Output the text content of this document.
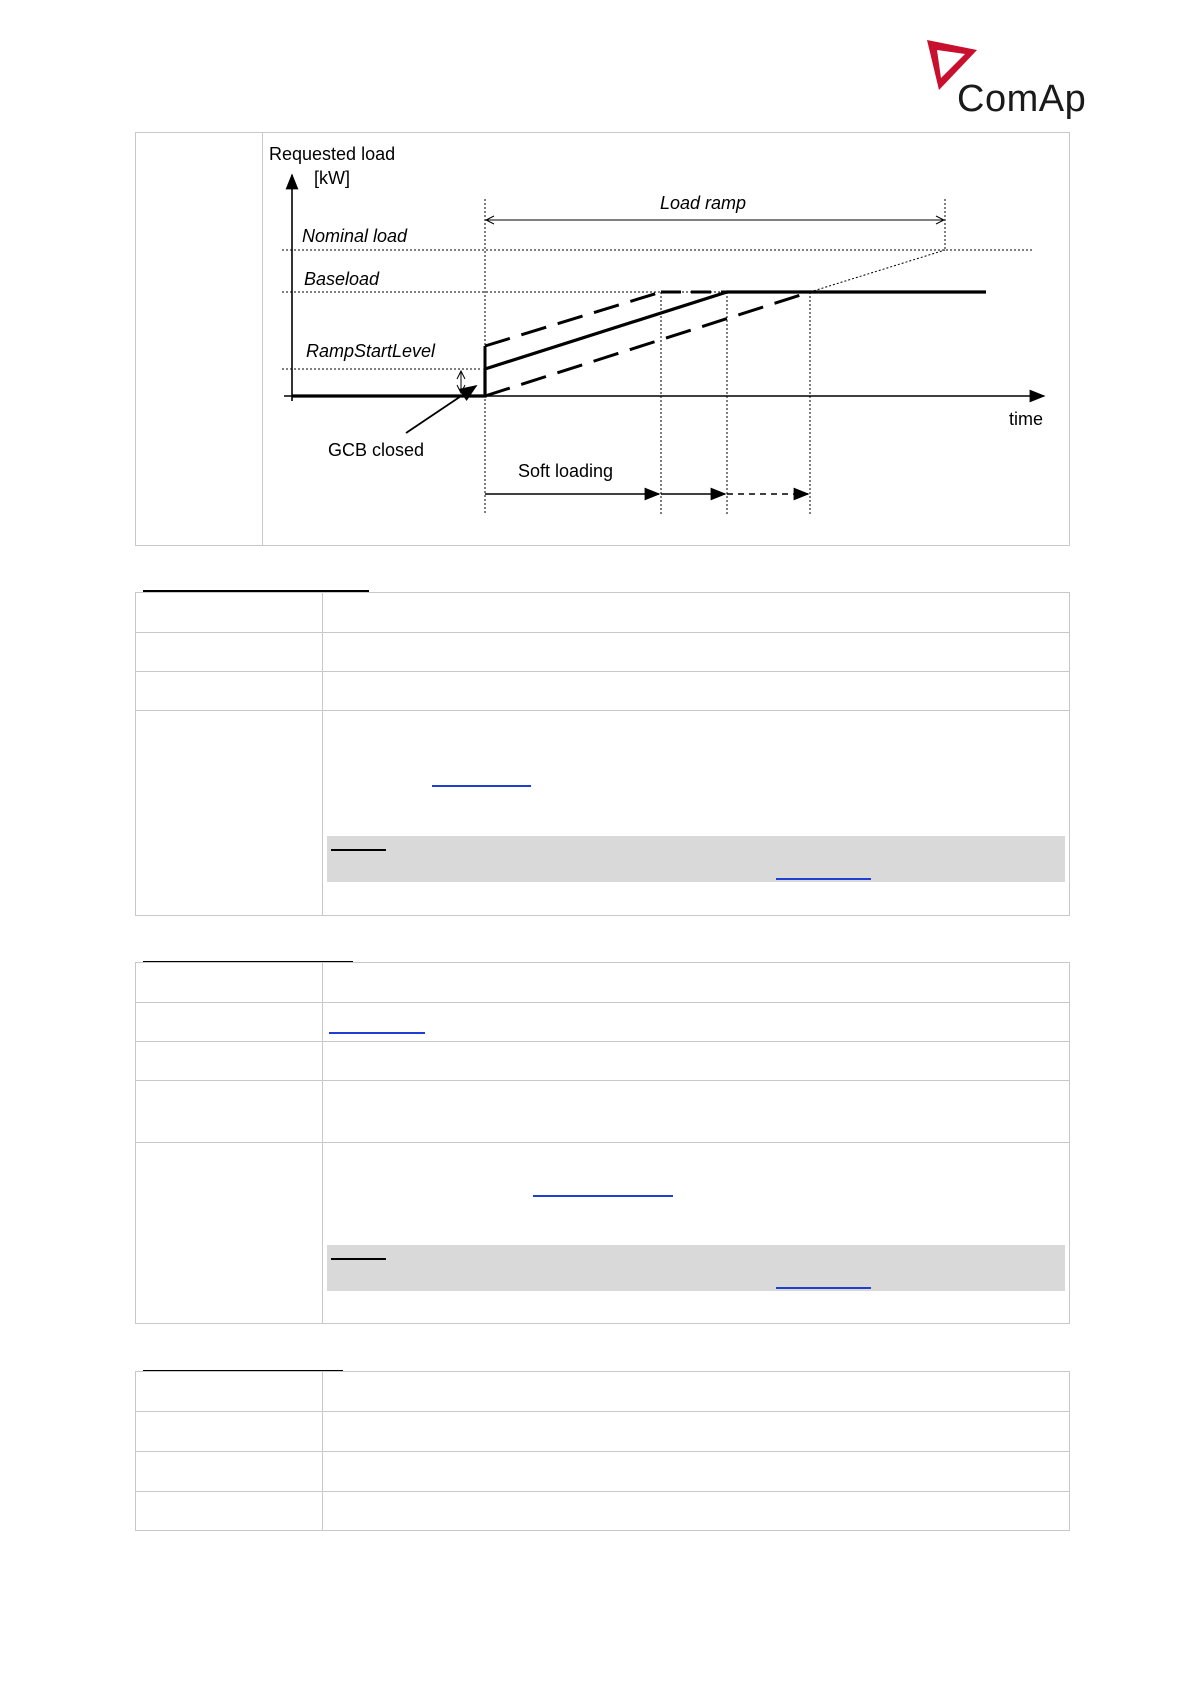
ComAp
Requested load
[kW]
time
Nominal load
Baseload
RampStartLevel
Load ramp
GCB closed
Soft loading
